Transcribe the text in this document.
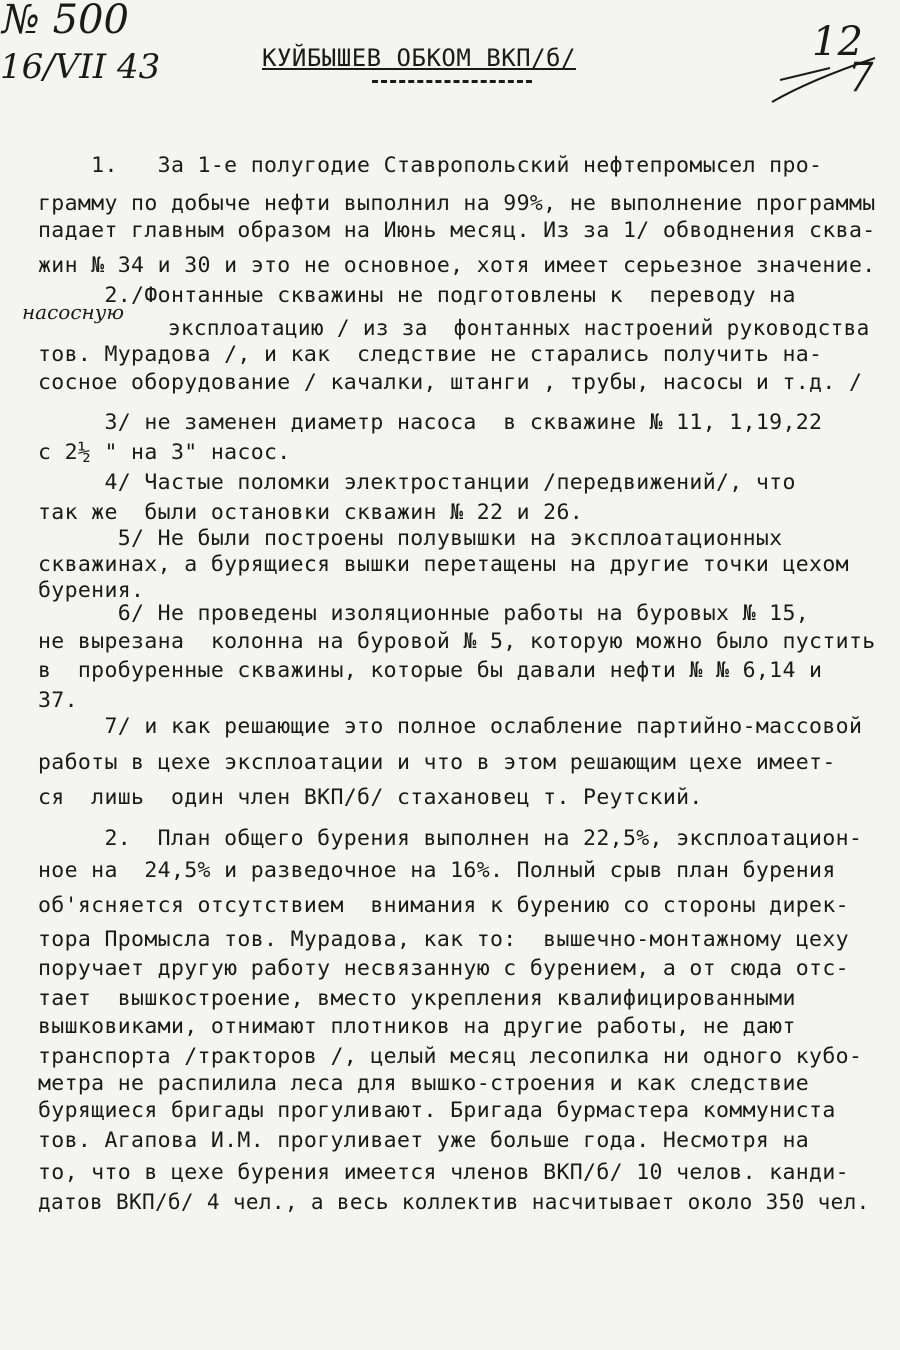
№ 500
16/VII 43
12
7
КУЙБЫШЕВ ОБКОМ ВКП/б/
насосную
1.   За 1-е полугодие Ставропольский нефтепромысел про-
грамму по добыче нефти выполнил на 99%, не выполнение программы
падает главным образом на Июнь месяц. Из за 1/ обводнения сква-
жин № 34 и 30 и это не основное, хотя имеет серьезное значение.
2./Фонтанные скважины не подготовлены к  переводу на
эксплоатацию / из за  фонтанных настроений руководства
тов. Мурадова /, и как  следствие не старались получить на-
сосное оборудование / качалки, штанги , трубы, насосы и т.д. /
3/ не заменен диаметр насоса  в скважине № 11, 1,19,22
с 2½ " на 3" насос.
4/ Частые поломки электростанции /передвижений/, что
так же  были остановки скважин № 22 и 26.
5/ Не были построены полувышки на эксплоатационных
скважинах, а бурящиеся вышки перетащены на другие точки цехом
бурения.
6/ Не проведены изоляционные работы на буровых № 15,
не вырезана  колонна на буровой № 5, которую можно было пустить
в  пробуренные скважины, которые бы давали нефти № № 6,14 и
37.
7/ и как решающие это полное ослабление партийно-массовой
работы в цехе эксплоатации и что в этом решающим цехе имеет-
ся  лишь  один член ВКП/б/ стахановец т. Реутский.
2.  План общего бурения выполнен на 22,5%, эксплоатацион-
ное на  24,5% и разведочное на 16%. Полный срыв план бурения
об'ясняется отсутствием  внимания к бурению со стороны дирек-
тора Промысла тов. Мурадова, как то:  вышечно-монтажному цеху
поручает другую работу несвязанную с бурением, а от сюда отс-
тает  вышкостроение, вместо укрепления квалифицированными
вышковиками, отнимают плотников на другие работы, не дают
транспорта /тракторов /, целый месяц лесопилка ни одного кубо-
метра не распилила леса для вышко-строения и как следствие
бурящиеся бригады прогуливают. Бригада бурмастера коммуниста
тов. Агапова И.М. прогуливает уже больше года. Несмотря на
то, что в цехе бурения имеется членов ВКП/б/ 10 челов. канди-
датов ВКП/б/ 4 чел., а весь коллектив насчитывает около 350 чел.
